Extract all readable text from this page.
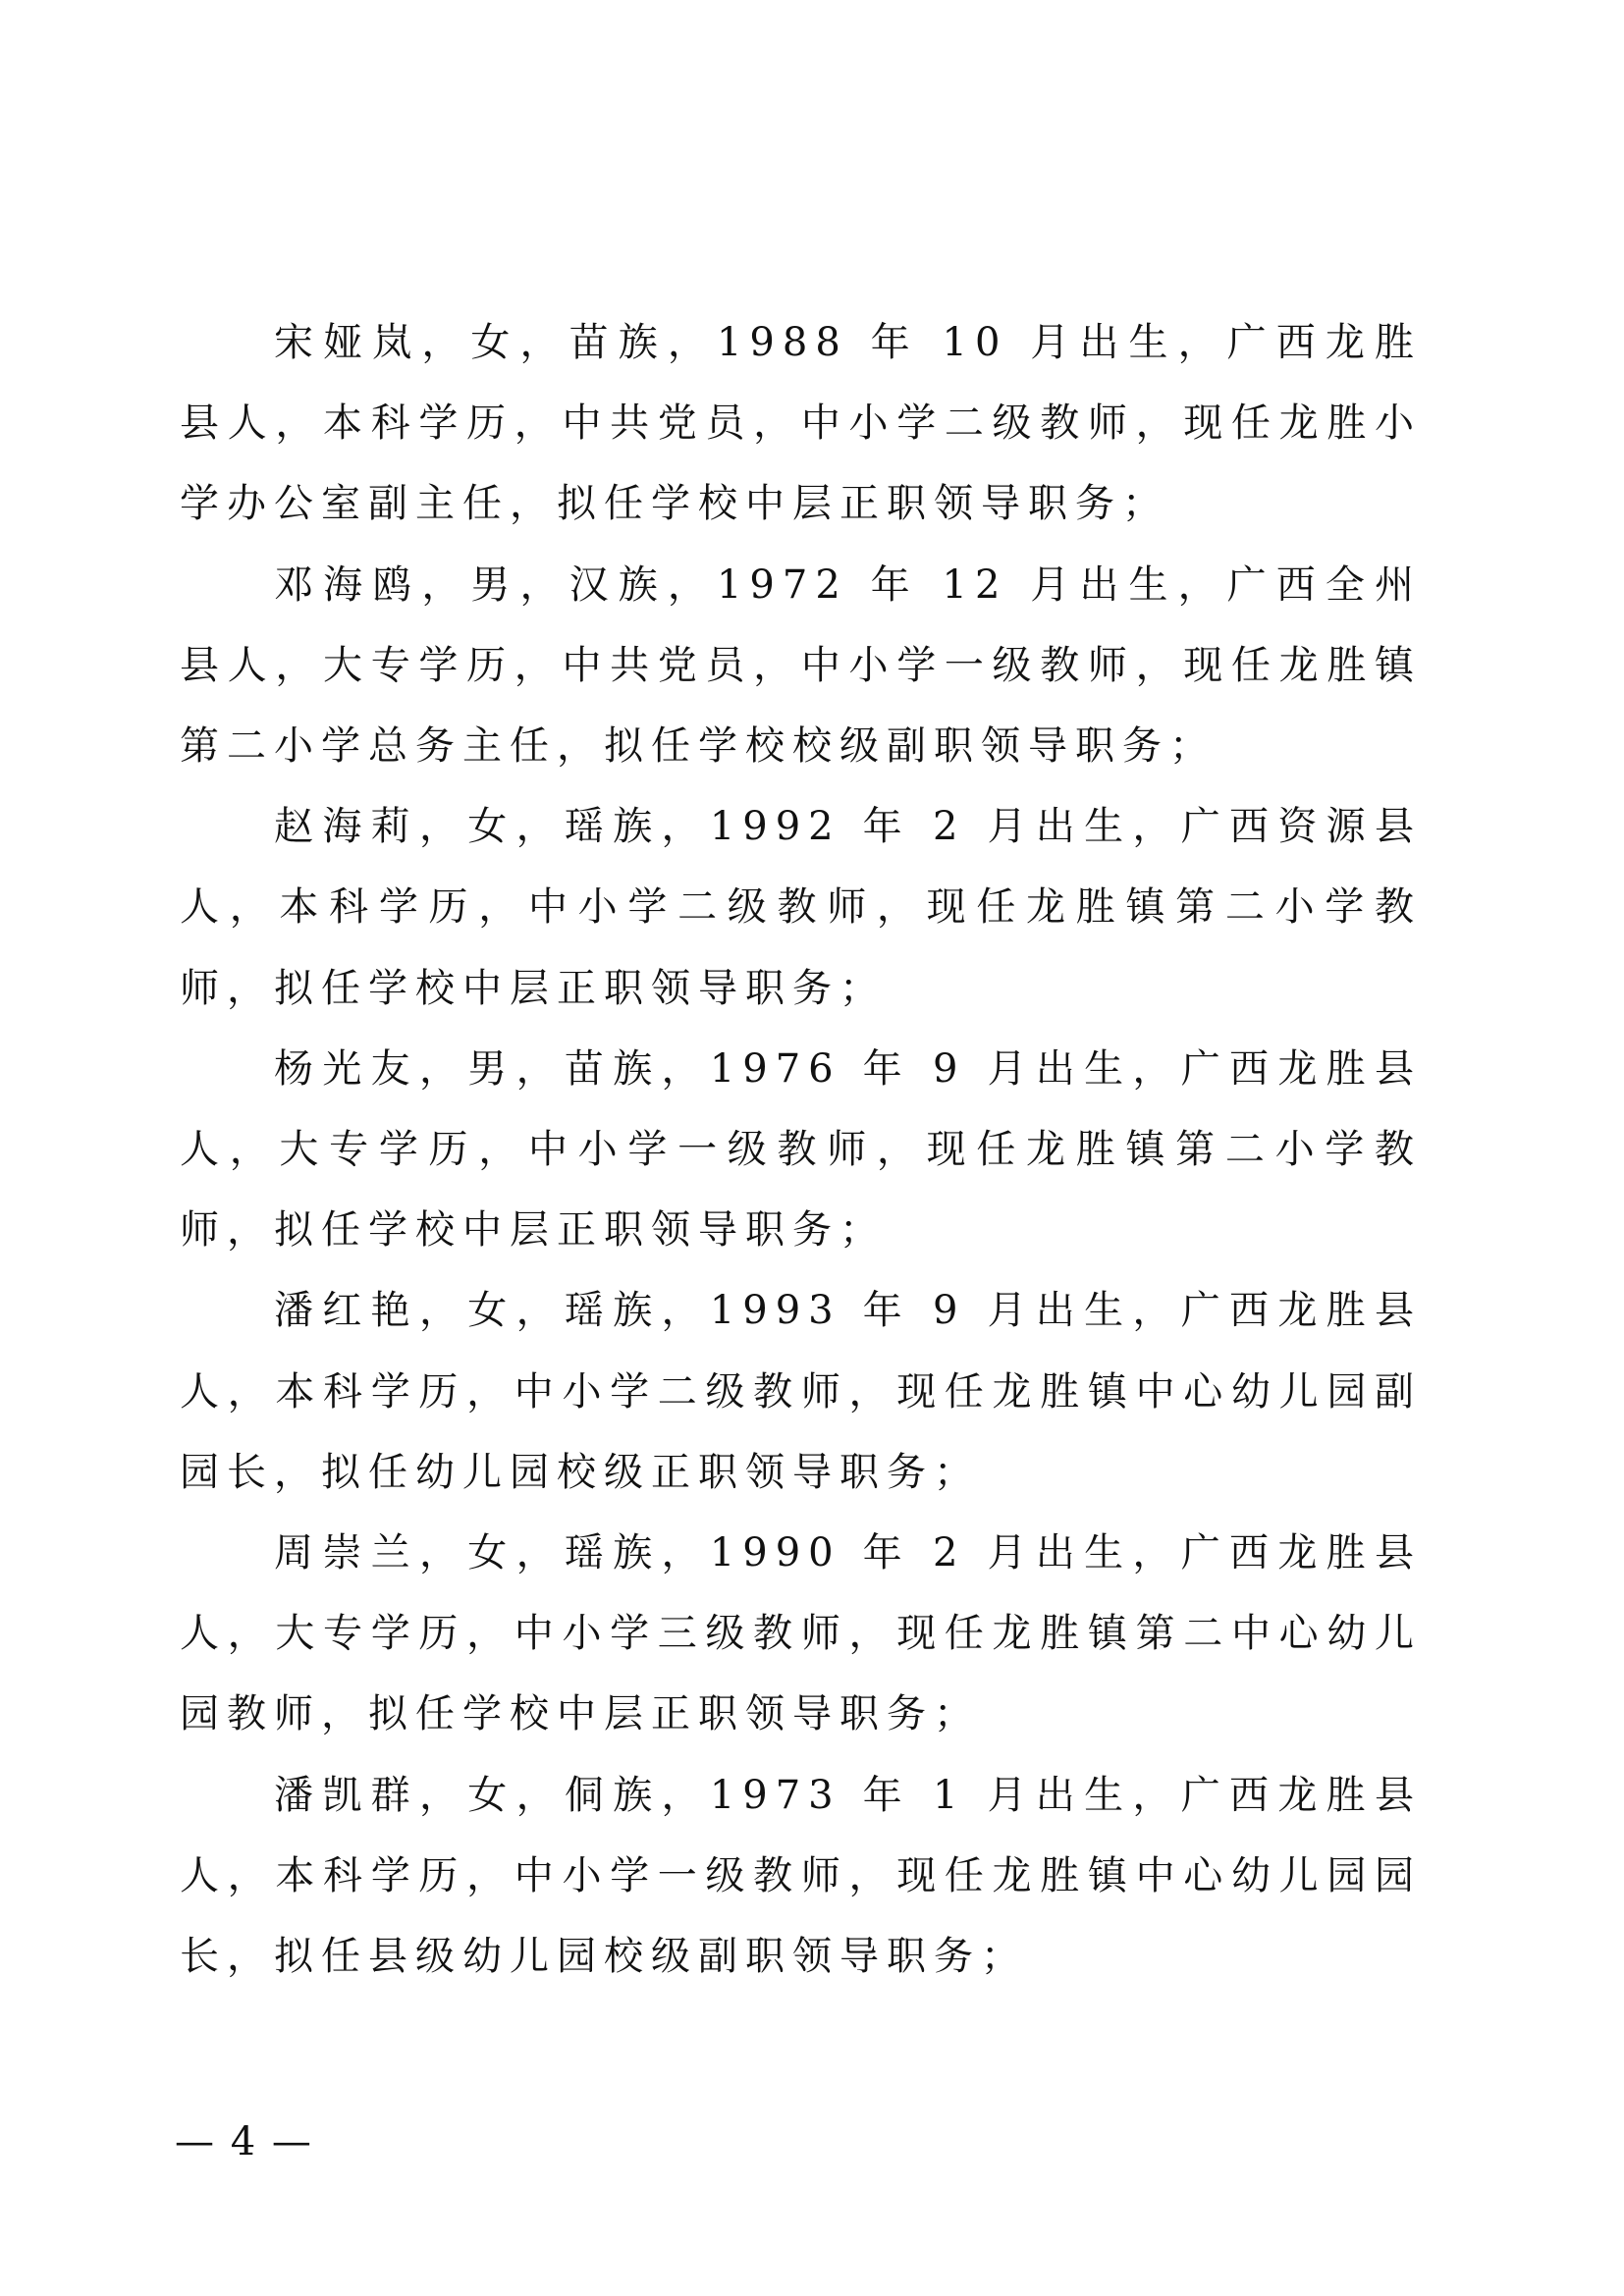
宋娅岚，女，苗族，1988 年 10 月出生，广西龙胜县人，本科学历，中共党员，中小学二级教师，现任龙胜小学办公室副主任，拟任学校中层正职领导职务；

邓海鸥，男，汉族，1972 年 12 月出生，广西全州县人，大专学历，中共党员，中小学一级教师，现任龙胜镇第二小学总务主任，拟任学校校级副职领导职务；

赵海莉，女，瑶族，1992 年 2 月出生，广西资源县人，本科学历，中小学二级教师，现任龙胜镇第二小学教师，拟任学校中层正职领导职务；

杨光友，男，苗族，1976 年 9 月出生，广西龙胜县人，大专学历，中小学一级教师，现任龙胜镇第二小学教师，拟任学校中层正职领导职务；

潘红艳，女，瑶族，1993 年 9 月出生，广西龙胜县人，本科学历，中小学二级教师，现任龙胜镇中心幼儿园副园长，拟任幼儿园校级正职领导职务；

周崇兰，女，瑶族，1990 年 2 月出生，广西龙胜县人，大专学历，中小学三级教师，现任龙胜镇第二中心幼儿园教师，拟任学校中层正职领导职务；

潘凯群，女，侗族，1973 年 1 月出生，广西龙胜县人，本科学历，中小学一级教师，现任龙胜镇中心幼儿园园长，拟任县级幼儿园校级副职领导职务；

— 4 —
